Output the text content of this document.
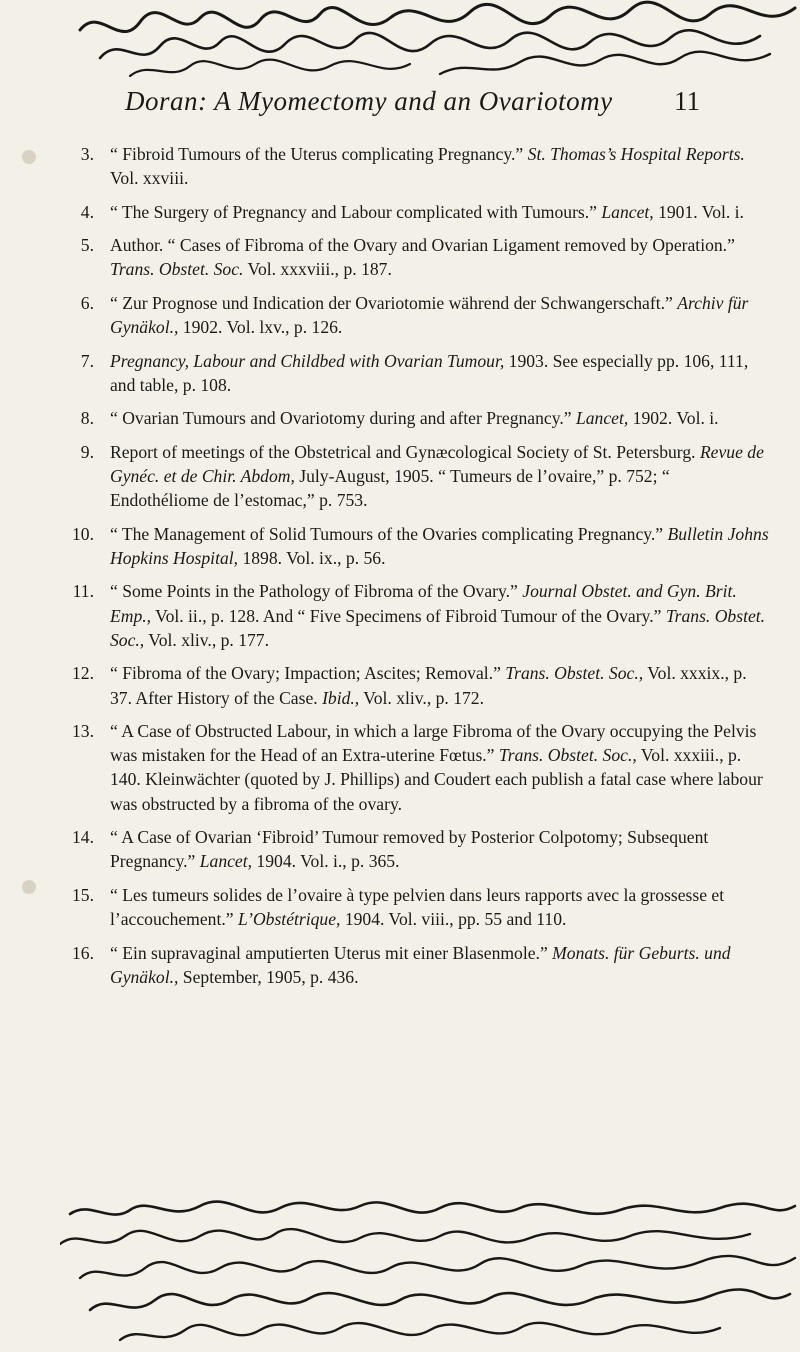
Doran: A Myomectomy and an Ovariotomy 11
3. “ Fibroid Tumours of the Uterus complicating Pregnancy.” St. Thomas’s Hospital Reports. Vol. xxviii.
4. “ The Surgery of Pregnancy and Labour complicated with Tumours.” Lancet, 1901. Vol. i.
5. Author. “ Cases of Fibroma of the Ovary and Ovarian Ligament removed by Operation.” Trans. Obstet. Soc. Vol. xxxviii., p. 187.
6. “ Zur Prognose und Indication der Ovariotomie während der Schwangerschaft.” Archiv für Gynäkol., 1902. Vol. lxv., p. 126.
7. Pregnancy, Labour and Childbed with Ovarian Tumour, 1903. See especially pp. 106, 111, and table, p. 108.
8. “ Ovarian Tumours and Ovariotomy during and after Pregnancy.” Lancet, 1902. Vol. i.
9. Report of meetings of the Obstetrical and Gynæcological Society of St. Petersburg. Revue de Gynéc. et de Chir. Abdom, July-August, 1905. “ Tumeurs de l’ovaire,” p. 752; “ Endothéliome de l’estomac,” p. 753.
10. “ The Management of Solid Tumours of the Ovaries complicating Pregnancy.” Bulletin Johns Hopkins Hospital, 1898. Vol. ix., p. 56.
11. “ Some Points in the Pathology of Fibroma of the Ovary.” Journal Obstet. and Gyn. Brit. Emp., Vol. ii., p. 128. And “ Five Specimens of Fibroid Tumour of the Ovary.” Trans. Obstet. Soc., Vol. xliv., p. 177.
12. “ Fibroma of the Ovary; Impaction; Ascites; Removal.” Trans. Obstet. Soc., Vol. xxxix., p. 37. After History of the Case. Ibid., Vol. xliv., p. 172.
13. “ A Case of Obstructed Labour, in which a large Fibroma of the Ovary occupying the Pelvis was mistaken for the Head of an Extra-uterine Fœtus.” Trans. Obstet. Soc., Vol. xxxiii., p. 140. Kleinwächter (quoted by J. Phillips) and Coudert each publish a fatal case where labour was obstructed by a fibroma of the ovary.
14. “ A Case of Ovarian ‘Fibroid’ Tumour removed by Posterior Colpotomy; Subsequent Pregnancy.” Lancet, 1904. Vol. i., p. 365.
15. “ Les tumeurs solides de l’ovaire à type pelvien dans leurs rapports avec la grossesse et l’accouchement.” L’Obstétrique, 1904. Vol. viii., pp. 55 and 110.
16. “ Ein supravaginal amputierten Uterus mit einer Blasenmole.” Monats. für Geburts. und Gynäkol., September, 1905, p. 436.
